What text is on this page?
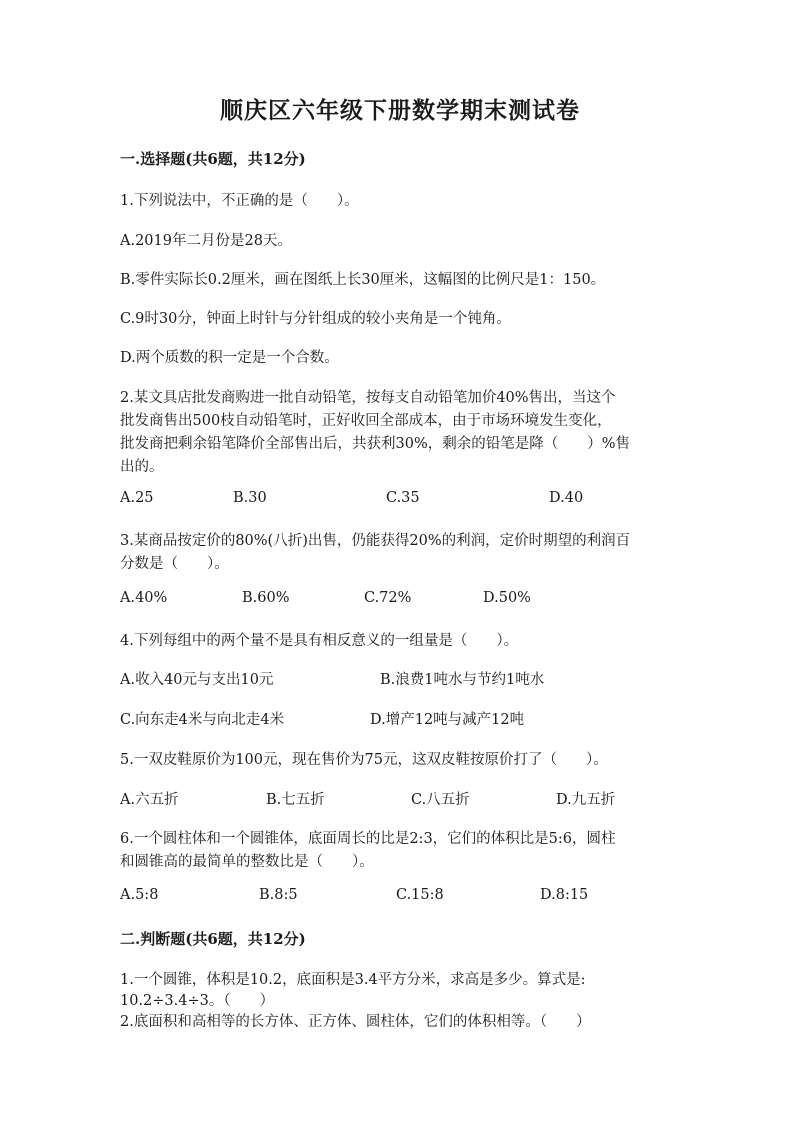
顺庆区六年级下册数学期末测试卷
一.选择题(共6题，共12分)
1.下列说法中，不正确的是（　　）。
A.2019年二月份是28天。
B.零件实际长0.2厘米，画在图纸上长30厘米，这幅图的比例尺是1：150。
C.9时30分，钟面上时针与分针组成的较小夹角是一个钝角。
D.两个质数的积一定是一个合数。
2.某文具店批发商购进一批自动铅笔，按每支自动铅笔加价40%售出，当这个
批发商售出500枝自动铅笔时，正好收回全部成本，由于市场环境发生变化，
批发商把剩余铅笔降价全部售出后，共获利30%，剩余的铅笔是降（　　）%售
出的。
A.25	B.30	C.35	D.40
3.某商品按定价的80%(八折)出售，仍能获得20%的利润，定价时期望的利润百
分数是（　　）。
A.40%	B.60%	C.72%	D.50%
4.下列每组中的两个量不是具有相反意义的一组量是（　　）。
A.收入40元与支出10元	B.浪费1吨水与节约1吨水
C.向东走4米与向北走4米	D.增产12吨与减产12吨
5.一双皮鞋原价为100元，现在售价为75元，这双皮鞋按原价打了（　　）。
A.六五折	B.七五折	C.八五折	D.九五折
6.一个圆柱体和一个圆锥体，底面周长的比是2:3，它们的体积比是5:6，圆柱
和圆锥高的最简单的整数比是（　　）。
A.5:8	B.8:5	C.15:8	D.8:15
二.判断题(共6题，共12分)
1.一个圆锥，体积是10.2，底面积是3.4平方分米，求高是多少。算式是:
10.2÷3.4÷3。（　　）
2.底面积和高相等的长方体、正方体、圆柱体，它们的体积相等。（　　）
